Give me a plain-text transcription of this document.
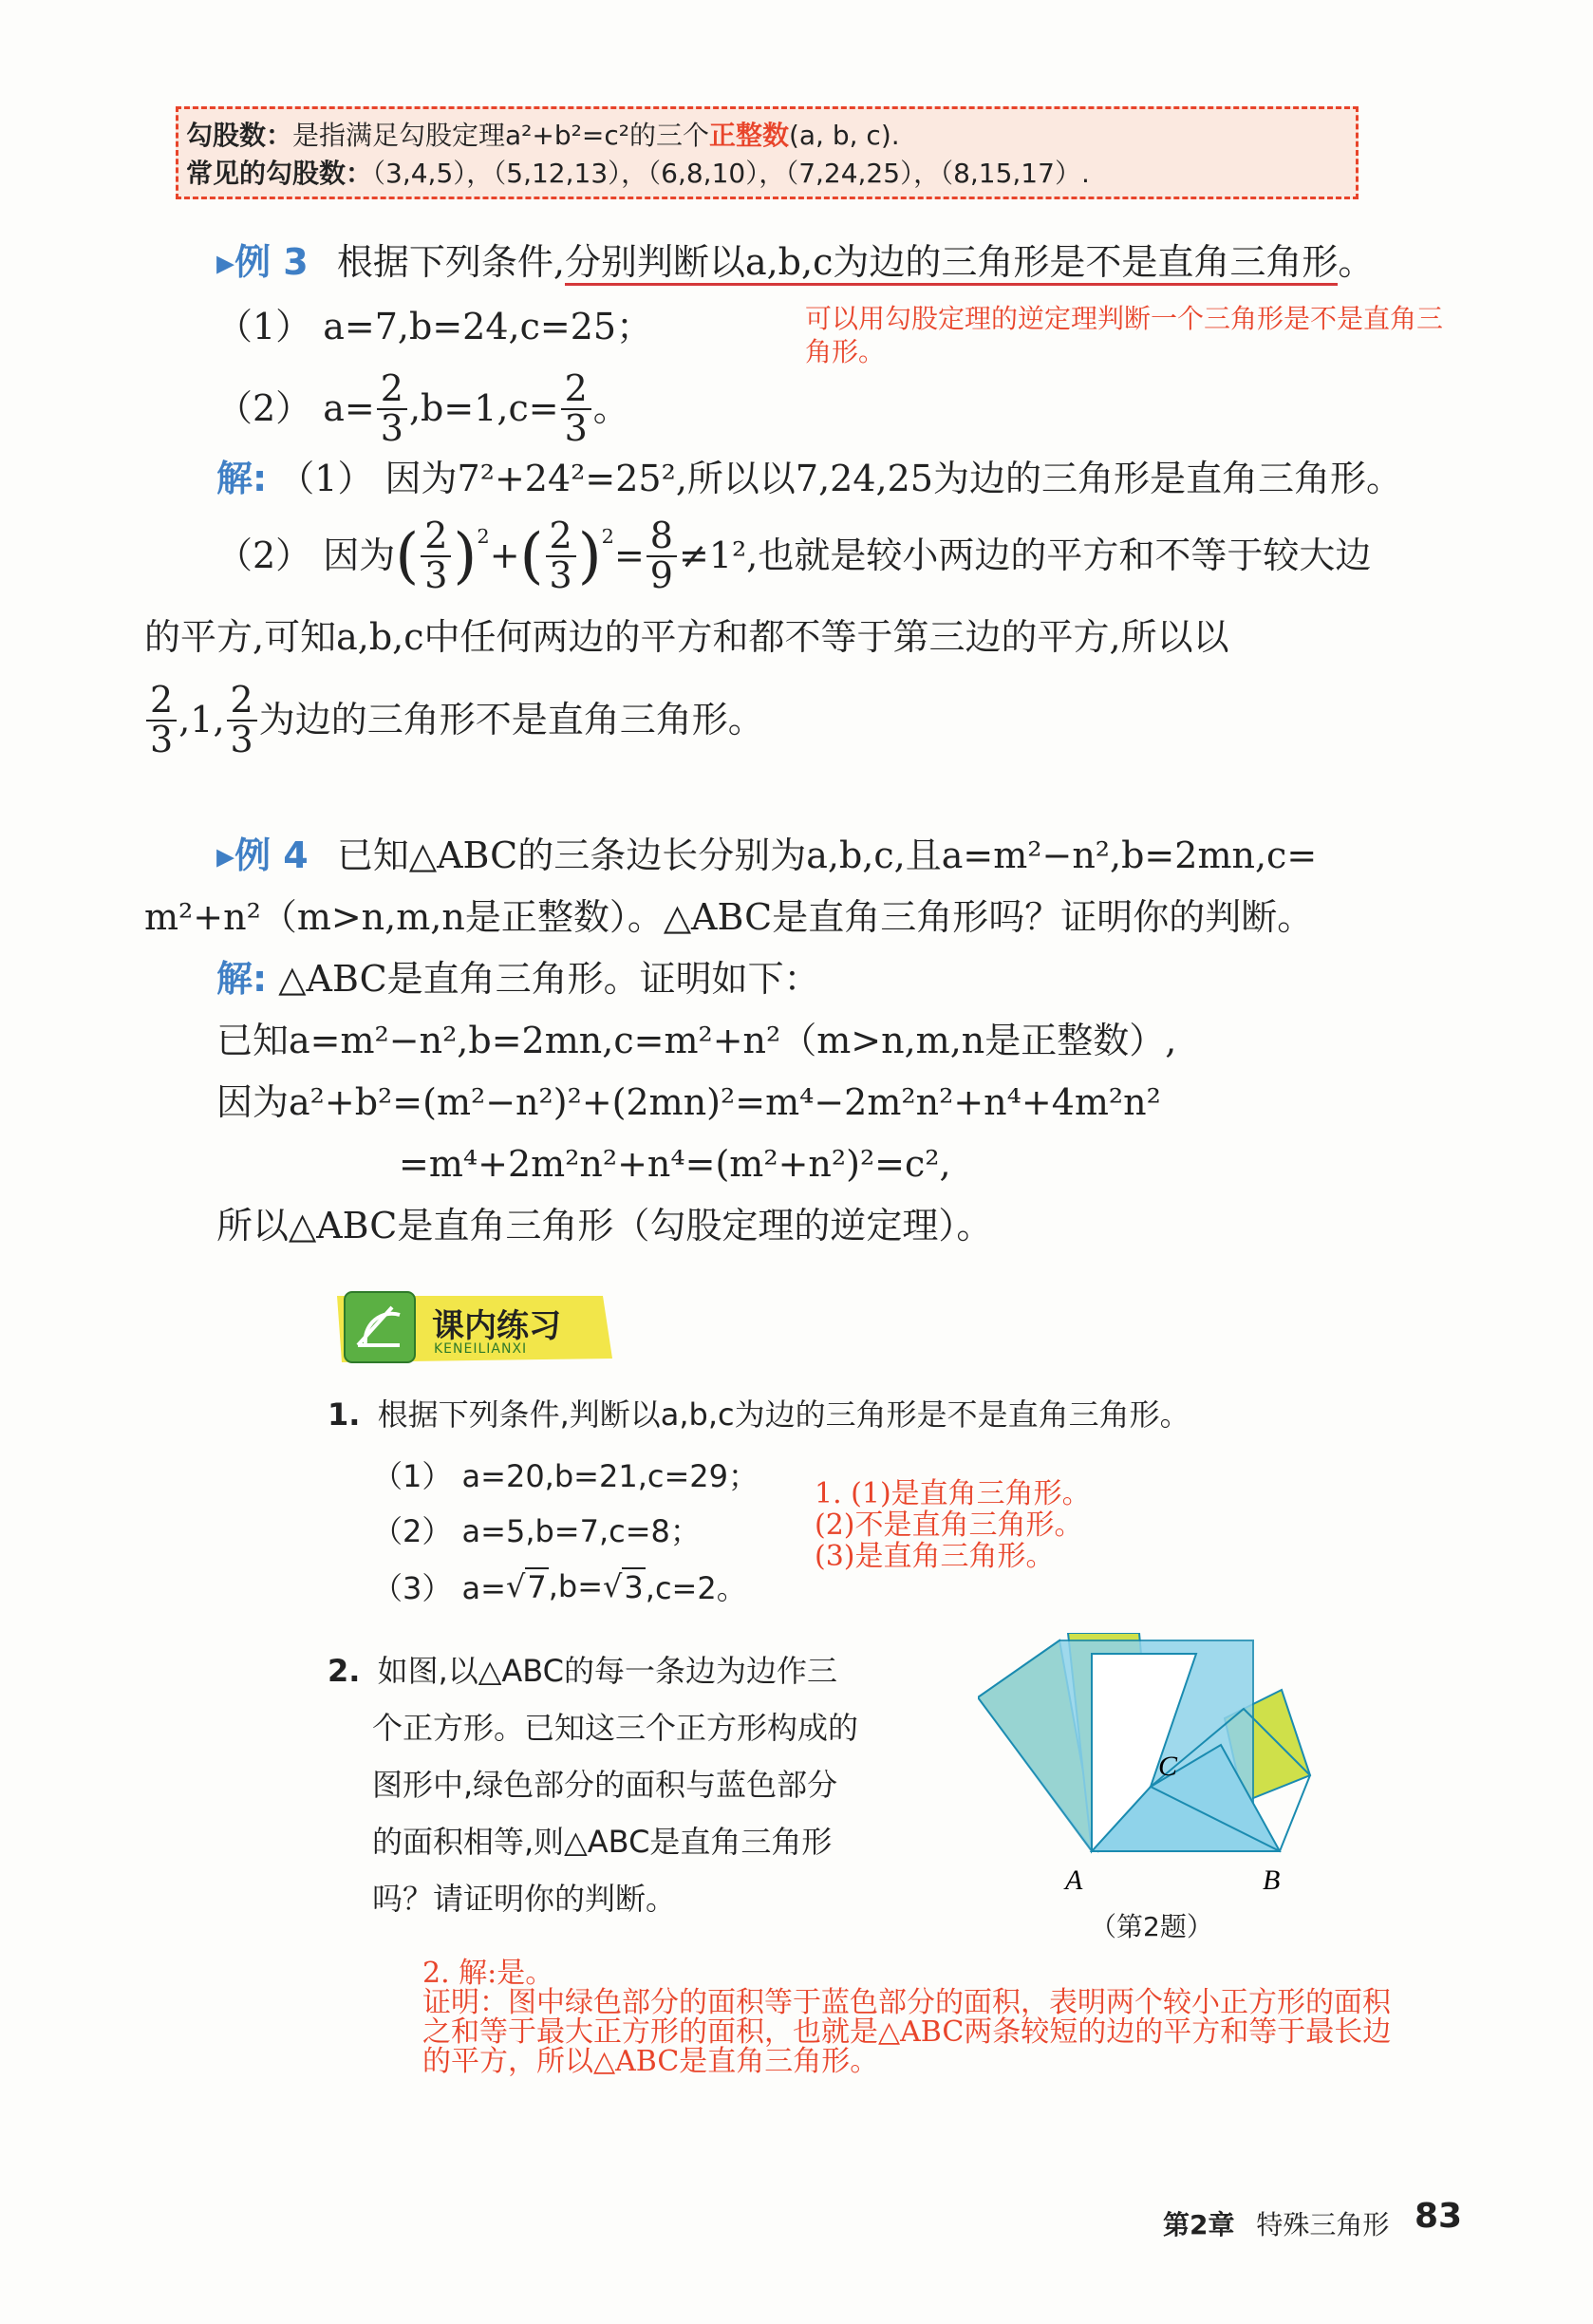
勾股数：是指满足勾股定理a²+b²=c²的三个正整数(a, b, c).
常见的勾股数：（3,4,5），（5,12,13），（6,8,10），（7,24,25），（8,15,17）.
▸例 3 根据下列条件,分别判断以a,b,c为边的三角形是不是直角三角形。
（1） a=7,b=24,c=25；	可以用勾股定理的逆定理判断一个三角形是不是直角三角形。
（2） $a= \frac{2}{3} ,b=1,c= \frac{2}{3}$ 。
解: （1） 因为7²+24²=25²,所以以7,24,25为边的三角形是直角三角形。
（2） 因为 ( $\frac{2}{3} )^2$ + ( $\frac{2}{3} )^2 = \frac{8}{9} \ne 1^2$,也就是较小两边的平方和不等于较大边
的平方,可知a,b,c中任何两边的平方和都不等于第三边的平方,所以以
$\frac{2}{3} ,1$, $\frac{2}{3}$ 为边的三角形不是直角三角形。
▸例 4 已知△ABC的三条边长分别为a,b,c,且a=m²−n²,b=2mn,c=
m²+n²（m>n,m,n是正整数）。△ABC是直角三角形吗？证明你的判断。
解: △ABC是直角三角形。证明如下：
已知a=m²−n²,b=2mn,c=m²+n²（m>n,m,n是正整数）,
因为a²+b²=(m²−n²)²+(2mn)²=m⁴−2m²n²+n⁴+4m²n²
=m⁴+2m²n²+n⁴=(m²+n²)²=c²,
所以△ABC是直角三角形（勾股定理的逆定理）。
课内练习
KENEILIANXI
1. 根据下列条件,判断以a,b,c为边的三角形是不是直角三角形。
（1） a=20,b=21,c=29；
（2） a=5,b=7,c=8；
（3） a= √ 7 ,b= √ 3 ,c=2。
1. (1)是直角三角形。
(2)不是直角三角形。
(3)是直角三角形。
2. 如图,以△ABC的每一条边为边作三
个正方形。已知这三个正方形构成的
图形中,绿色部分的面积与蓝色部分
的面积相等,则△ABC是直角三角形
吗？请证明你的判断。
A	B
C
（第2题）
2. 解:是。
证明：图中绿色部分的面积等于蓝色部分的面积，表明两个较小正方形的面积
之和等于最大正方形的面积，也就是△ABC两条较短的边的平方和等于最长边
的平方，所以△ABC是直角三角形。
第2章 特殊三角形 83
